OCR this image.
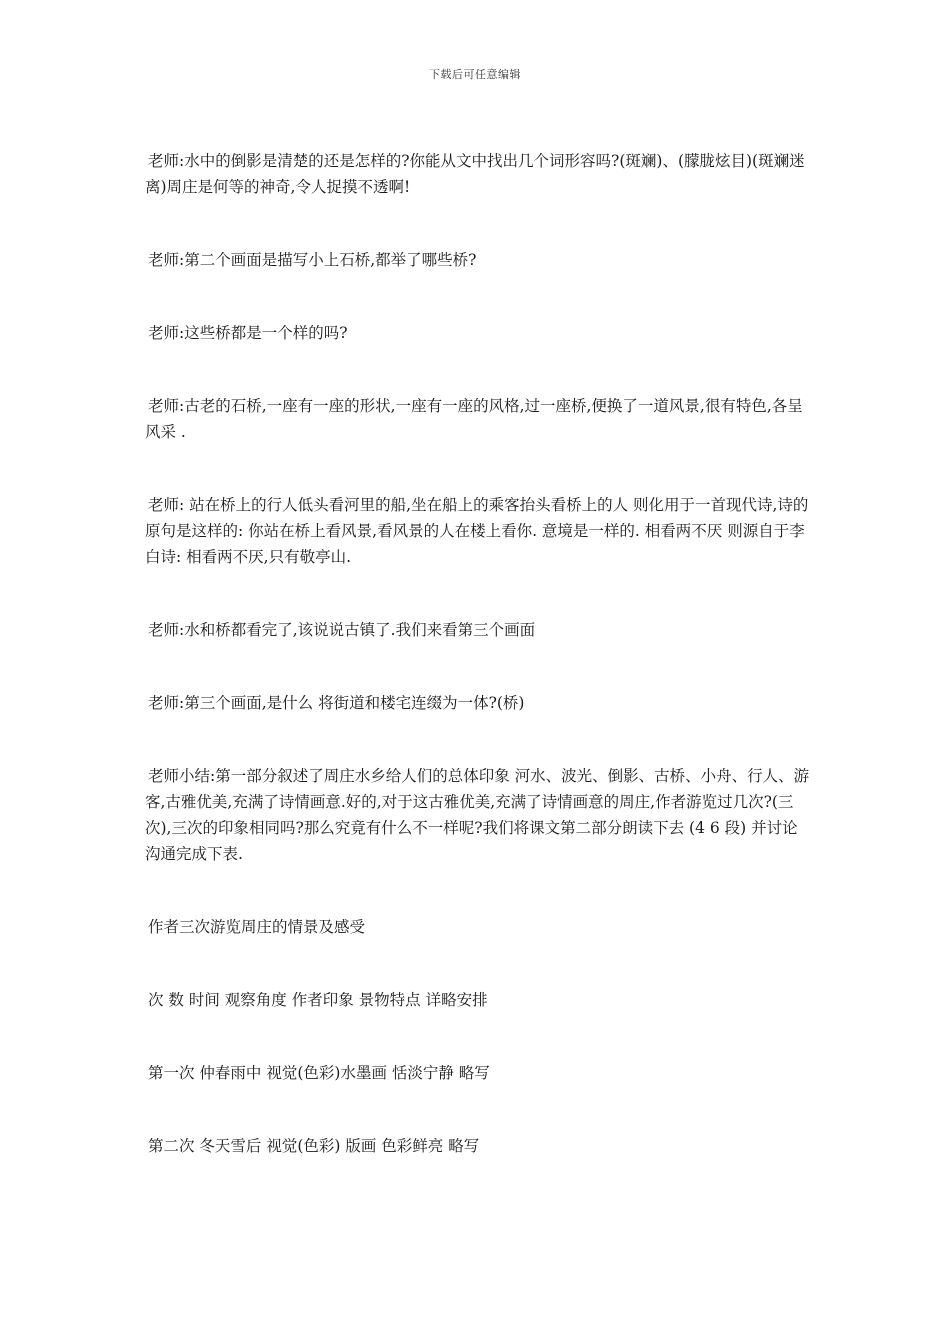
下载后可任意编辑

老师:水中的倒影是清楚的还是怎样的?你能从文中找出几个词形容吗?(斑斓)、(朦胧炫目)(斑斓迷离)周庄是何等的神奇,令人捉摸不透啊!

老师:第二个画面是描写小上石桥,都举了哪些桥?

老师:这些桥都是一个样的吗?

老师:古老的石桥,一座有一座的形状,一座有一座的风格,过一座桥,便换了一道风景,很有特色,各呈风采 .

老师: 站在桥上的行人低头看河里的船,坐在船上的乘客抬头看桥上的人 则化用于一首现代诗,诗的原句是这样的: 你站在桥上看风景,看风景的人在楼上看你. 意境是一样的. 相看两不厌 则源自于李白诗: 相看两不厌,只有敬亭山.

老师:水和桥都看完了,该说说古镇了.我们来看第三个画面

老师:第三个画面,是什么 将街道和楼宅连缀为一体?(桥)

老师小结:第一部分叙述了周庄水乡给人们的总体印象 河水、波光、倒影、古桥、小舟、行人、游客,古雅优美,充满了诗情画意.好的,对于这古雅优美,充满了诗情画意的周庄,作者游览过几次?(三次),三次的印象相同吗?那么究竟有什么不一样呢?我们将课文第二部分朗读下去 (4 6 段) 并讨论沟通完成下表.

作者三次游览周庄的情景及感受

次 数 时间 观察角度 作者印象 景物特点 详略安排

第一次 仲春雨中 视觉(色彩)水墨画 恬淡宁静 略写

第二次 冬天雪后 视觉(色彩) 版画 色彩鲜亮 略写
